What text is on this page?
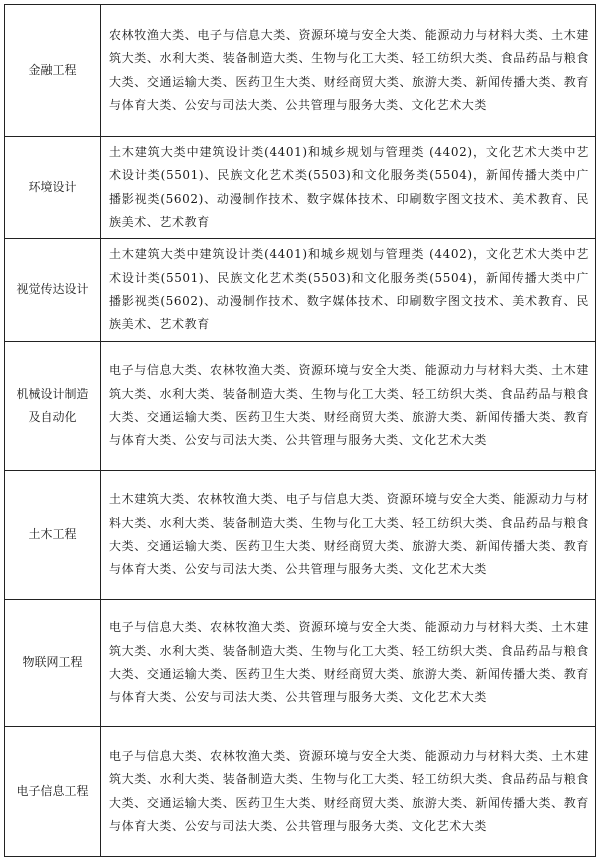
金融工程	农林牧渔大类、电子与信息大类、资源环境与安全大类、能源动力与材料大类、土木建筑大类、水利大类、装备制造大类、生物与化工大类、轻工纺织大类、食品药品与粮食大类、交通运输大类、医药卫生大类、财经商贸大类、旅游大类、新闻传播大类、教育与体育大类、公安与司法大类、公共管理与服务大类、文化艺术大类
环境设计	土木建筑大类中建筑设计类(4401)和城乡规划与管理类 (4402)，文化艺术大类中艺术设计类(5501)、民族文化艺术类(5503)和文化服务类(5504)，新闻传播大类中广播影视类(5602)、动漫制作技术、数字媒体技术、印刷数字图文技术、美术教育、民族美术、艺术教育
视觉传达设计	土木建筑大类中建筑设计类(4401)和城乡规划与管理类 (4402)，文化艺术大类中艺术设计类(5501)、民族文化艺术类(5503)和文化服务类(5504)，新闻传播大类中广播影视类(5602)、动漫制作技术、数字媒体技术、印刷数字图文技术、美术教育、民族美术、艺术教育
机械设计制造及自动化	电子与信息大类、农林牧渔大类、资源环境与安全大类、能源动力与材料大类、土木建筑大类、水利大类、装备制造大类、生物与化工大类、轻工纺织大类、食品药品与粮食大类、交通运输大类、医药卫生大类、财经商贸大类、旅游大类、新闻传播大类、教育与体育大类、公安与司法大类、公共管理与服务大类、文化艺术大类
土木工程	土木建筑大类、农林牧渔大类、电子与信息大类、资源环境与安全大类、能源动力与材料大类、水利大类、装备制造大类、生物与化工大类、轻工纺织大类、食品药品与粮食大类、交通运输大类、医药卫生大类、财经商贸大类、旅游大类、新闻传播大类、教育与体育大类、公安与司法大类、公共管理与服务大类、文化艺术大类
物联网工程	电子与信息大类、农林牧渔大类、资源环境与安全大类、能源动力与材料大类、土木建筑大类、水利大类、装备制造大类、生物与化工大类、轻工纺织大类、食品药品与粮食大类、交通运输大类、医药卫生大类、财经商贸大类、旅游大类、新闻传播大类、教育与体育大类、公安与司法大类、公共管理与服务大类、文化艺术大类
电子信息工程	电子与信息大类、农林牧渔大类、资源环境与安全大类、能源动力与材料大类、土木建筑大类、水利大类、装备制造大类、生物与化工大类、轻工纺织大类、食品药品与粮食大类、交通运输大类、医药卫生大类、财经商贸大类、旅游大类、新闻传播大类、教育与体育大类、公安与司法大类、公共管理与服务大类、文化艺术大类
